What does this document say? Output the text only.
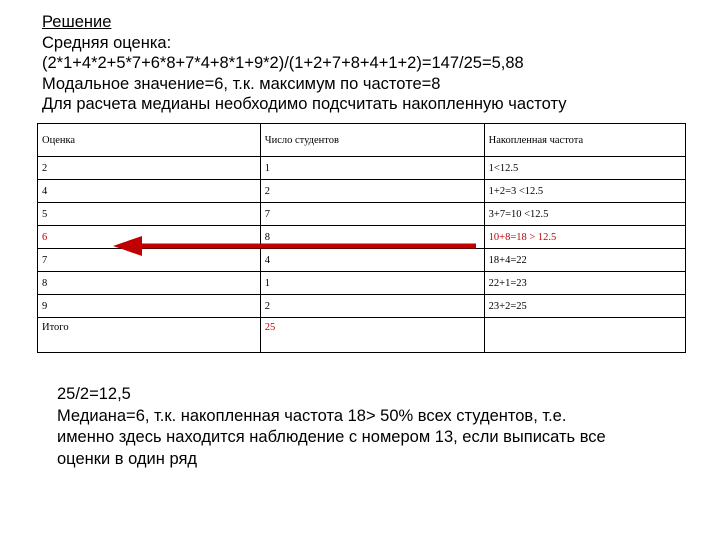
Решение
Средняя оценка:
(2*1+4*2+5*7+6*8+7*4+8*1+9*2)/(1+2+7+8+4+1+2)=147/25=5,88
Модальное значение=6, т.к. максимум по частоте=8
Для расчета медианы необходимо подсчитать накопленную частоту
Оценка	Число студентов	Накопленная частота
2	1	1<12.5
4	2	1+2=3 <12.5
5	7	3+7=10 <12.5
6	8	10+8=18 > 12.5
7	4	18+4=22
8	1	22+1=23
9	2	23+2=25
Итого	25	
25/2=12,5
Медиана=6, т.к. накопленная частота 18> 50% всех студентов, т.е.
именно здесь находится наблюдение с номером 13, если выписать все
оценки в один ряд
